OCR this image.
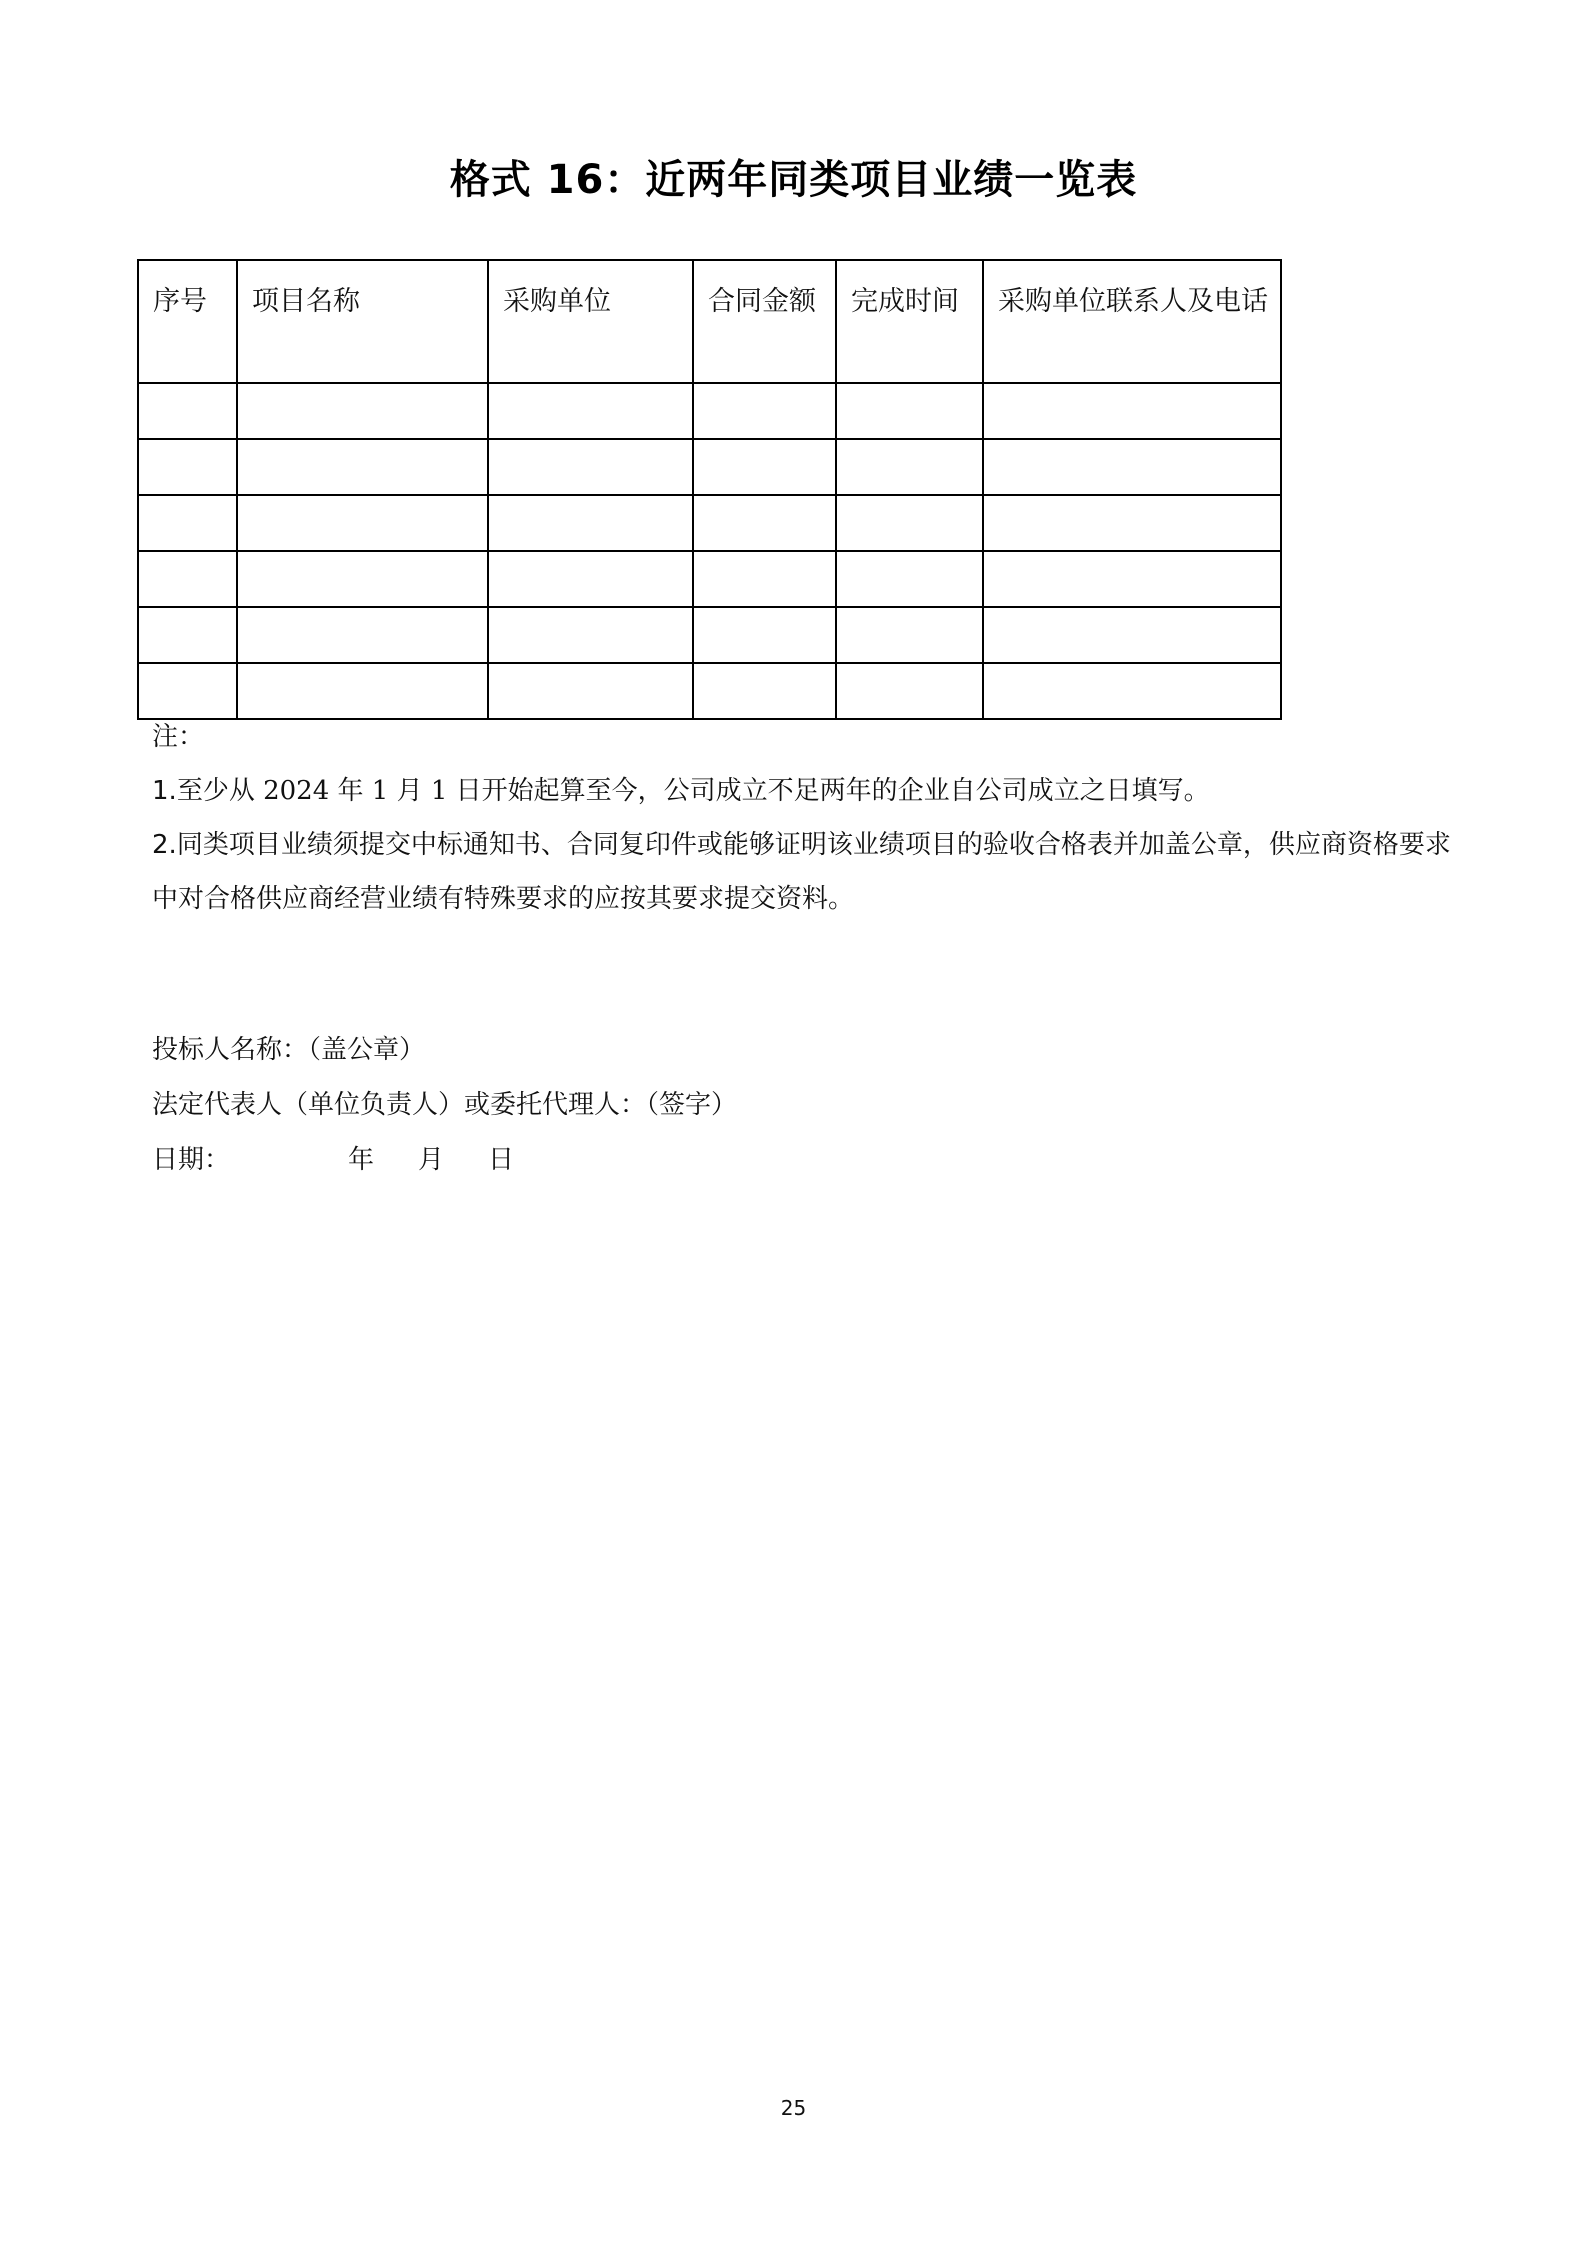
格式 16：近两年同类项目业绩一览表
序号	项目名称	采购单位	合同金额	完成时间	采购单位联系人及电话

注：
1.至少从 2024 年 1 月 1 日开始起算至今，公司成立不足两年的企业自公司成立之日填写。
2.同类项目业绩须提交中标通知书、合同复印件或能够证明该业绩项目的验收合格表并加盖公章，供应商资格要求中对合格供应商经营业绩有特殊要求的应按其要求提交资料。
投标人名称：（盖公章）
法定代表人（单位负责人）或委托代理人：（签字）
日期：	年 月 日
25
